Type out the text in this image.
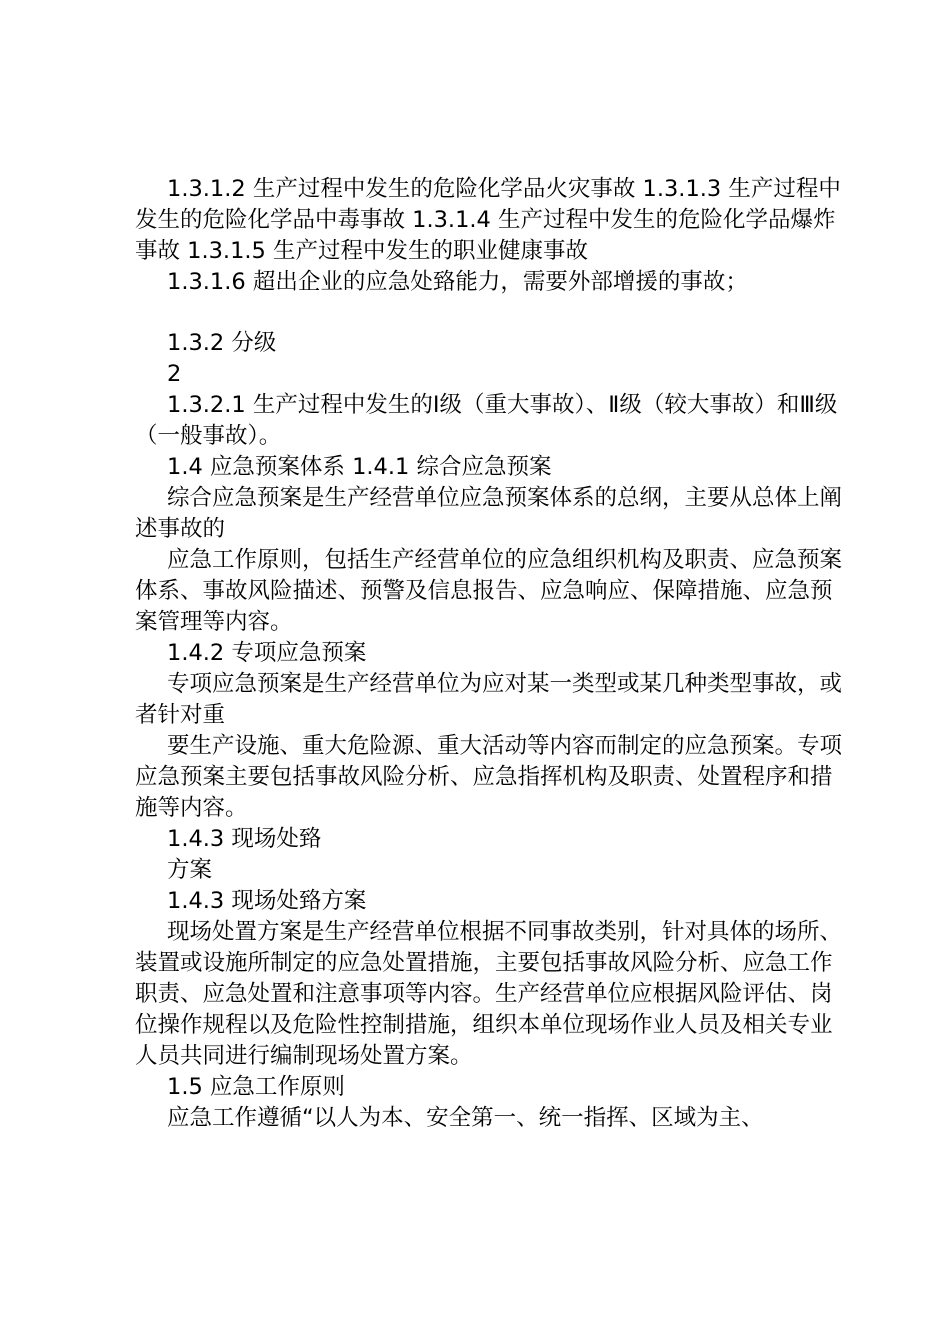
1.3.1.2 生产过程中发生的危险化学品火灾事故 1.3.1.3 生产过程中发生的危险化学品中毒事故 1.3.1.4 生产过程中发生的危险化学品爆炸事故 1.3.1.5 生产过程中发生的职业健康事故

1.3.1.6 超出企业的应急处臵能力，需要外部增援的事故；

1.3.2 分级

2

1.3.2.1 生产过程中发生的Ⅰ级（重大事故）、Ⅱ级（较大事故）和Ⅲ级（一般事故）。

1.4 应急预案体系 1.4.1 综合应急预案

综合应急预案是生产经营单位应急预案体系的总纲，主要从总体上阐述事故的

应急工作原则，包括生产经营单位的应急组织机构及职责、应急预案体系、事故风险描述、预警及信息报告、应急响应、保障措施、应急预案管理等内容。

1.4.2 专项应急预案

专项应急预案是生产经营单位为应对某一类型或某几种类型事故，或者针对重

要生产设施、重大危险源、重大活动等内容而制定的应急预案。专项应急预案主要包括事故风险分析、应急指挥机构及职责、处置程序和措施等内容。

1.4.3 现场处臵

方案

1.4.3 现场处臵方案

现场处置方案是生产经营单位根据不同事故类别，针对具体的场所、装置或设施所制定的应急处置措施，主要包括事故风险分析、应急工作职责、应急处置和注意事项等内容。生产经营单位应根据风险评估、岗位操作规程以及危险性控制措施，组织本单位现场作业人员及相关专业人员共同进行编制现场处置方案。

1.5 应急工作原则

应急工作遵循“以人为本、安全第一、统一指挥、区域为主、
